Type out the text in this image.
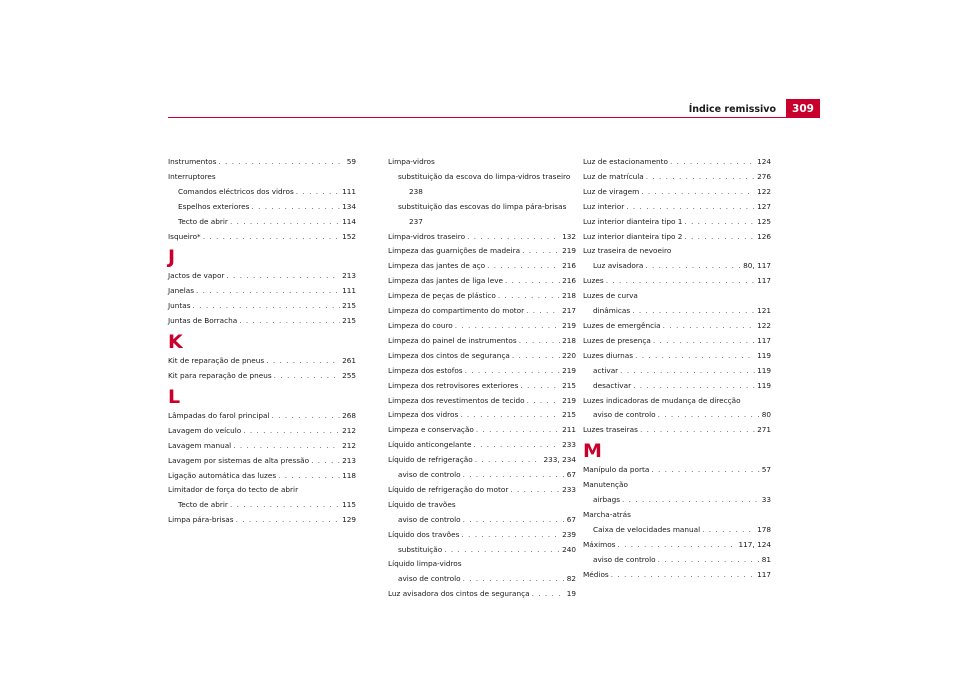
Índice remissivo	309
Instrumentos . . .	59
Interruptores
Comandos eléctricos dos vidros . . .	111
Espelhos exteriores . . .	134
Tecto de abrir . . .	114
Isqueiro* . . .	152
J
Jactos de vapor . . .	213
Janelas . . .	111
Juntas . . .	215
Juntas de Borracha . . .	215
K
Kit de reparação de pneus . . .	261
Kit para reparação de pneus . . .	255
L
Lâmpadas do farol principal . . .	268
Lavagem do veículo . . .	212
Lavagem manual . . .	212
Lavagem por sistemas de alta pressão . . .	213
Ligação automática das luzes . . .	118
Limitador de força do tecto de abrir
Tecto de abrir . . .	115
Limpa pára-brisas . . .	129
Limpa-vidros
substituição da escova do limpa-vidros traseiro
238
substituição das escovas do limpa pára-brisas
237
Limpa-vidros traseiro . . .	132
Limpeza das guarnições de madeira . . .	219
Limpeza das jantes de aço . . .	216
Limpeza das jantes de liga leve . . .	216
Limpeza de peças de plástico . . .	218
Limpeza do compartimento do motor . . .	217
Limpeza do couro . . .	219
Limpeza do painel de instrumentos . . .	218
Limpeza dos cintos de segurança . . .	220
Limpeza dos estofos . . .	219
Limpeza dos retrovisores exteriores . . .	215
Limpeza dos revestimentos de tecido . . .	219
Limpeza dos vidros . . .	215
Limpeza e conservação . . .	211
Líquido anticongelante . . .	233
Líquido de refrigeração . . .	233, 234
aviso de controlo . . .	67
Líquido de refrigeração do motor . . .	233
Líquido de travões
aviso de controlo . . .	67
Líquido dos travões . . .	239
substituição . . .	240
Líquido limpa-vidros
aviso de controlo . . .	82
Luz avisadora dos cintos de segurança . . .	19
Luz de estacionamento . . .	124
Luz de matrícula . . .	276
Luz de viragem . . .	122
Luz interior . . .	127
Luz interior dianteira tipo 1 . . .	125
Luz interior dianteira tipo 2 . . .	126
Luz traseira de nevoeiro
Luz avisadora . . .	80, 117
Luzes . . .	117
Luzes de curva
dinâmicas . . .	121
Luzes de emergência . . .	122
Luzes de presença . . .	117
Luzes diurnas . . .	119
activar . . .	119
desactivar . . .	119
Luzes indicadoras de mudança de direcção
aviso de controlo . . .	80
Luzes traseiras . . .	271
M
Manípulo da porta . . .	57
Manutenção
airbags . . .	33
Marcha-atrás
Caixa de velocidades manual . . .	178
Máximos . . .	117, 124
aviso de controlo . . .	81
Médios . . .	117
